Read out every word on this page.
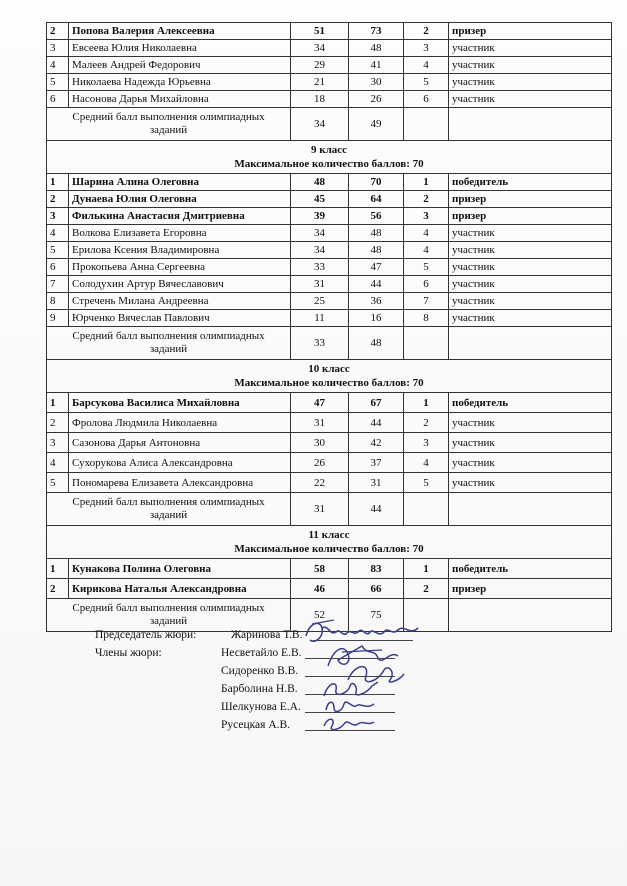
2	Попова Валерия Алексеевна	51	73	2	призер
3	Евсеева Юлия Николаевна	34	48	3	участник
4	Малеев Андрей Федорович	29	41	4	участник
5	Николаева Надежда Юрьевна	21	30	5	участник
6	Насонова Дарья Михайловна	18	26	6	участник
Средний балл выполнения олимпиадных заданий		34	49		

9 класс
Максимальное количество баллов: 70					

1	Шарина Алина Олеговна	48	70	1	победитель
2	Дунаева Юлия Олеговна	45	64	2	призер
3	Филькина Анастасия Дмитриевна	39	56	3	призер
4	Волкова Елизавета Егоровна	34	48	4	участник
5	Ерилова Ксения Владимировна	34	48	4	участник
6	Прокопьева Анна Сергеевна	33	47	5	участник
7	Солодухин Артур Вячеславович	31	44	6	участник
8	Стречень Милана Андреевна	25	36	7	участник
9	Юрченко Вячеслав Павлович	11	16	8	участник
Средний балл выполнения олимпиадных заданий		33	48		

10 класс
Максимальное количество баллов: 70					

1	Барсукова Василиса Михайловна	47	67	1	победитель
2	Фролова Людмила Николаевна	31	44	2	участник
3	Сазонова Дарья Антоновна	30	42	3	участник
4	Сухорукова Алиса Александровна	26	37	4	участник
5	Пономарева Елизавета Александровна	22	31	5	участник
Средний балл выполнения олимпиадных заданий		31	44		

11 класс
Максимальное количество баллов: 70					

1	Кунакова Полина Олеговна	58	83	1	победитель
2	Кирикова Наталья Александровна	46	66	2	призер
Средний балл выполнения олимпиадных заданий		52	75		
Председатель жюри:	Жаринова Т.В.
Члены жюри:	Несветайло Е.В.
Сидоренко В.В.
Барболина Н.В.
Шелкунова Е.А.
Русецкая А.В.
